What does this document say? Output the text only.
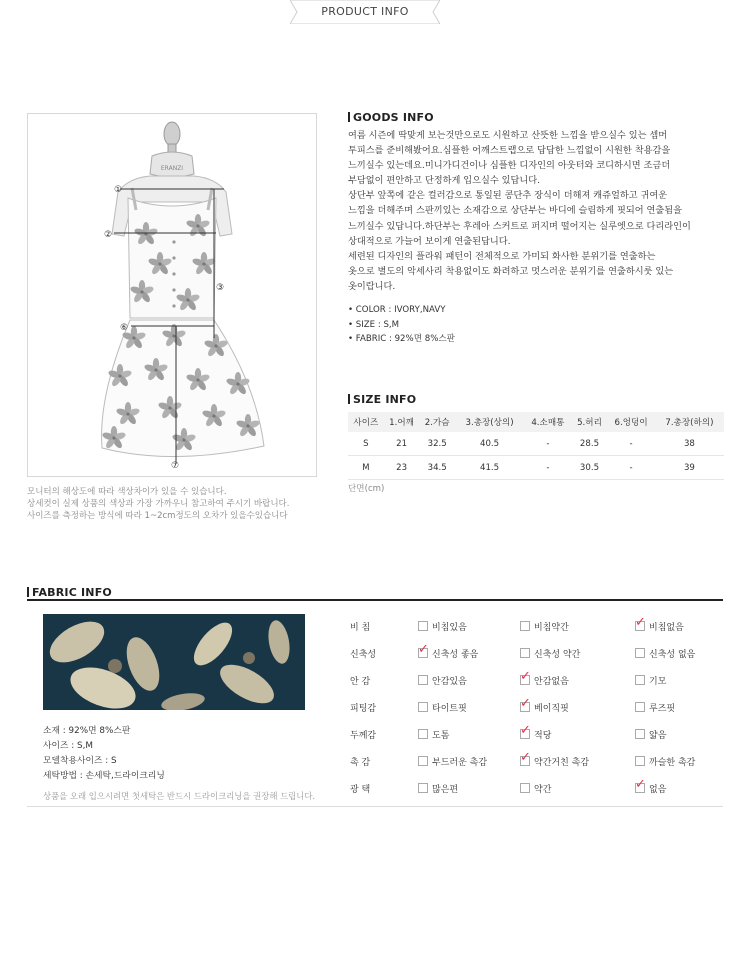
PRODUCT INFO
ERANZI
①
②
③
⑥
⑦
모니터의 해상도에 따라 색상차이가 있을 수 있습니다.
상세컷이 실제 상품의 색상과 가장 가까우니 참고하여 주시기 바랍니다.
사이즈를 측정하는 방식에 따라 1~2cm정도의 오차가 있을수있습니다
GOODS INFO
여름 시즌에 딱맞게 보는것만으로도 시원하고 산뜻한 느낌을 받으실수 있는 셈머
투피스를 준비해봤어요.심플한 어깨스트랩으로 답답한 느낌없이 시원한 착용감을
느끼실수 있는데요.미니가디건이나 심플한 디자인의 아웃터와 코디하시면 조금더
부담없이 편안하고 단정하게 입으실수 있답니다.
상단부 앞쪽에 같은 컬러감으로 통일된 콩단추 장식이 더해져 캐쥬얼하고 귀여운
느낌을 더해주며 스판끼있는 소재감으로 상단부는 바디에 슬림하게 핏되어 연출됨을
느끼실수 있답니다.하단부는 후레아 스커트로 퍼지며 떨어지는 실루엣으로 다리라인이
상대적으로 가늘어 보이게 연출된답니다.
세련된 디자인의 플라워 패턴이 전체적으로 가미되 화사한 분위기를 연출하는
옷으로 별도의 악세사리 착용없이도 화려하고 멋스러운 분위기를 연출하시룻 있는
옷이랍니다.
• COLOR : IVORY,NAVY
• SIZE : S,M
• FABRIC : 92%면 8%스판
SIZE INFO
사이즈	1.어깨	2.가슴	3.총장(상의)	4.소매통	5.허리	6.엉덩이	7.총장(하의)
S	21	32.5	40.5	-	28.5	-	38
M	23	34.5	41.5	-	30.5	-	39
단면(cm)
FABRIC INFO
소재 : 92%면 8%스판
사이즈 : S,M
모델착용사이즈 : S
세탁방법 : 손세탁,드라이크리닝
상품을 오래 입으시려면 첫세탁은 반드시 드라이크리닝을 권장해 드립니다.
비 침	비침있음	비침약간	✓ 비침없음
신축성	✓ 신축성 좋음	신축성 약간	신축성 없음
안 감	안감있음	✓ 안감없음	기모
피팅감	타이트핏	✓ 베이직핏	루즈핏
두께감	도톰	✓ 적당	얇음
촉 감	부드러운 촉감	✓ 약간거친 촉감	까슬한 촉감
광 택	많은편	약간	✓ 없음
